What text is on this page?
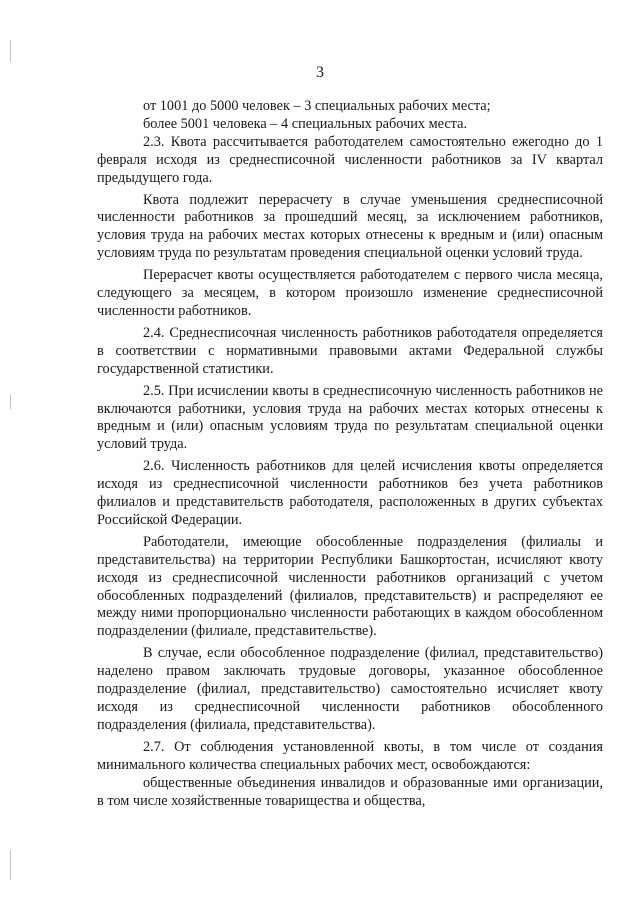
3

от 1001 до 5000 человек – 3 специальных рабочих места;

более 5001 человека – 4 специальных рабочих места.

2.3. Квота рассчитывается работодателем самостоятельно ежегодно до 1 февраля исходя из среднесписочной численности работников за IV квартал предыдущего года.

Квота подлежит перерасчету в случае уменьшения среднесписочной численности работников за прошедший месяц, за исключением работников, условия труда на рабочих местах которых отнесены к вредным и (или) опасным условиям труда по результатам проведения специальной оценки условий труда.

Перерасчет квоты осуществляется работодателем с первого числа месяца, следующего за месяцем, в котором произошло изменение среднесписочной численности работников.

2.4. Среднесписочная численность работников работодателя определяется в соответствии с нормативными правовыми актами Федеральной службы государственной статистики.

2.5. При исчислении квоты в среднесписочную численность работников не включаются работники, условия труда на рабочих местах которых отнесены к вредным и (или) опасным условиям труда по результатам специальной оценки условий труда.

2.6. Численность работников для целей исчисления квоты определяется исходя из среднесписочной численности работников без учета работников филиалов и представительств работодателя, расположенных в других субъектах Российской Федерации.

Работодатели, имеющие обособленные подразделения (филиалы и представительства) на территории Республики Башкортостан, исчисляют квоту исходя из среднесписочной численности работников организаций с учетом обособленных подразделений (филиалов, представительств) и распределяют ее между ними пропорционально численности работающих в каждом обособленном подразделении (филиале, представительстве).

В случае, если обособленное подразделение (филиал, представительство) наделено правом заключать трудовые договоры, указанное обособленное подразделение (филиал, представительство) самостоятельно исчисляет квоту исходя из среднесписочной численности работников обособленного подразделения (филиала, представительства).

2.7. От соблюдения установленной квоты, в том числе от создания минимального количества специальных рабочих мест, освобождаются:

общественные объединения инвалидов и образованные ими организации, в том числе хозяйственные товарищества и общества,
